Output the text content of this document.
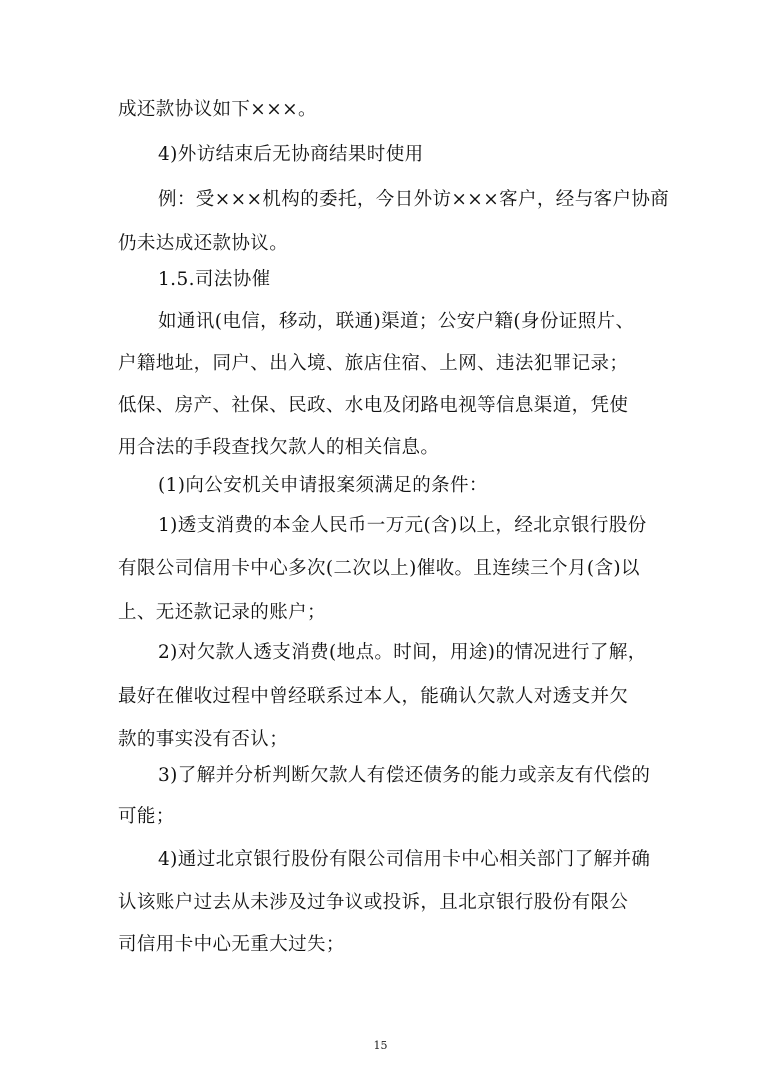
成还款协议如下×××。
4)外访结束后无协商结果时使用
例：受×××机构的委托，今日外访×××客户，经与客户协商
仍未达成还款协议。
1.5.司法协催
如通讯(电信，移动，联通)渠道；公安户籍(身份证照片、
户籍地址，同户、出入境、旅店住宿、上网、违法犯罪记录；
低保、房产、社保、民政、水电及闭路电视等信息渠道，凭使
用合法的手段查找欠款人的相关信息。
(1)向公安机关申请报案须满足的条件：
1)透支消费的本金人民币一万元(含)以上，经北京银行股份
有限公司信用卡中心多次(二次以上)催收。且连续三个月(含)以
上、无还款记录的账户；
2)对欠款人透支消费(地点。时间，用途)的情况进行了解，
最好在催收过程中曾经联系过本人，能确认欠款人对透支并欠
款的事实没有否认；
3)了解并分析判断欠款人有偿还债务的能力或亲友有代偿的
可能；
4)通过北京银行股份有限公司信用卡中心相关部门了解并确
认该账户过去从未涉及过争议或投诉，且北京银行股份有限公
司信用卡中心无重大过失；
15
